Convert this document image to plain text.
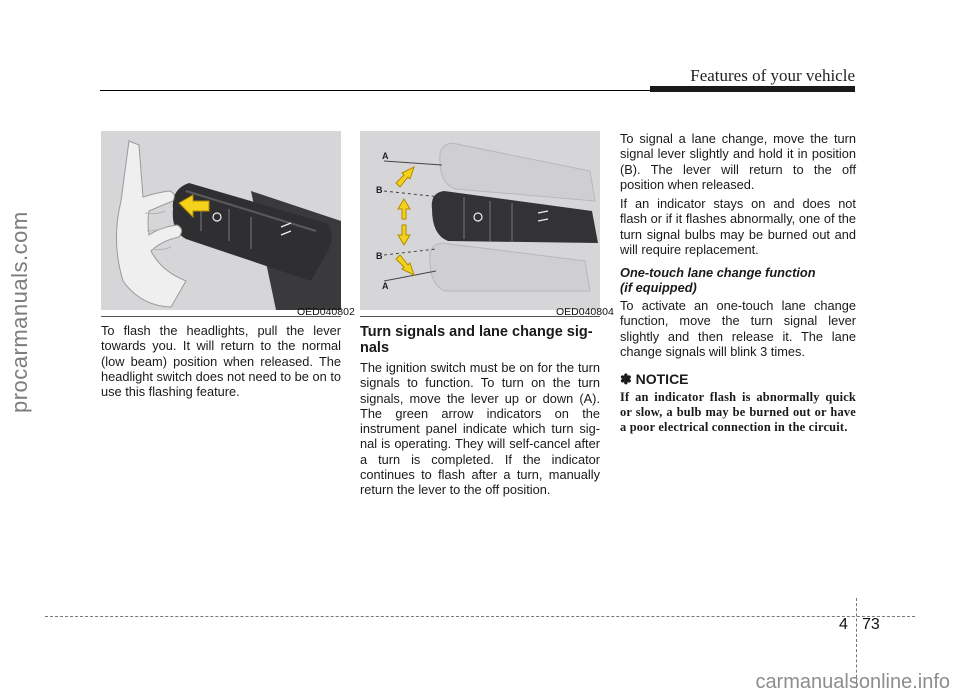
Features of your vehicle
procarmanuals.com	OED040802
To flash the headlights, pull the lever towards you. It will return to the normal (low beam) position when released. The headlight switch does not need to be on to use this flashing feature.
A
B
B
A
OED040804
Turn signals and lane change sig-
nals
The ignition switch must be on for the turn signals to function. To turn on the turn signals, move the lever up or down (A). The green arrow indicators on the instrument panel indicate which turn sig-nal is operating. They will self-cancel after a turn is completed. If the indicator continues to flash after a turn, manually return the lever to the off position.
To signal a lane change, move the turn signal lever slightly and hold it in position (B). The lever will return to the off position when released.
If an indicator stays on and does not flash or if it flashes abnormally, one of the turn signal bulbs may be burned out and will require replacement.
One-touch lane change function
(if equipped)
To activate an one-touch lane change function, move the turn signal lever slightly and then release it. The lane change signals will blink 3 times.
✽ NOTICE
If an indicator flash is abnormally quick or slow, a bulb may be burned out or have a poor electrical connection in the circuit.
4 73
carmanualsonline.info
